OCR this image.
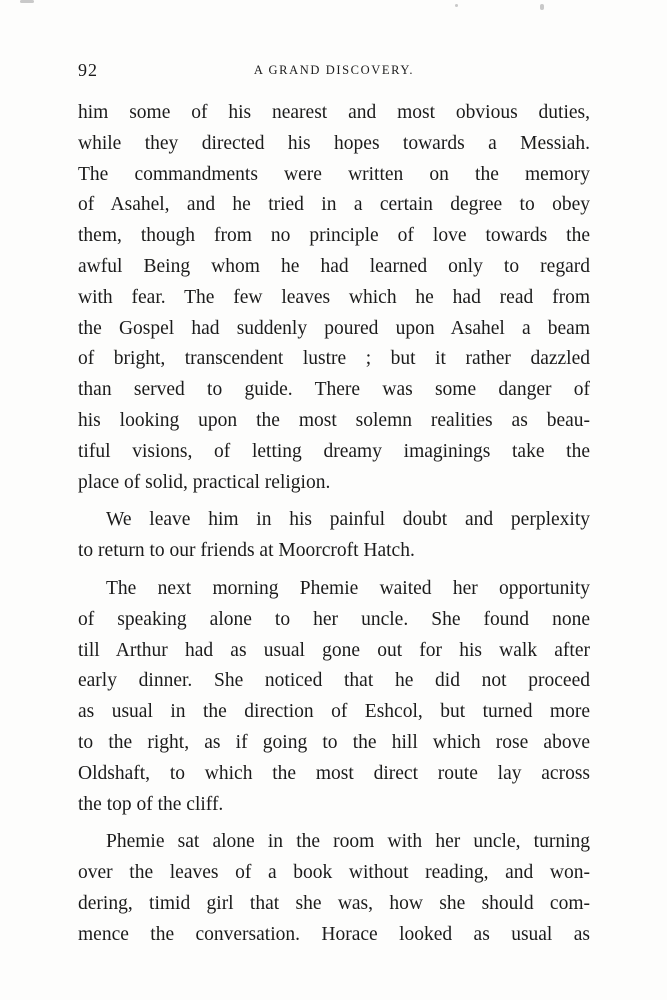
92	A GRAND DISCOVERY.

him some of his nearest and most obvious duties,
while they directed his hopes towards a Messiah.
The commandments were written on the memory
of Asahel, and he tried in a certain degree to obey
them, though from no principle of love towards the
awful Being whom he had learned only to regard
with fear. The few leaves which he had read from
the Gospel had suddenly poured upon Asahel a beam
of bright, transcendent lustre ; but it rather dazzled
than served to guide. There was some danger of
his looking upon the most solemn realities as beau-
tiful visions, of letting dreamy imaginings take the
place of solid, practical religion.

We leave him in his painful doubt and perplexity
to return to our friends at Moorcroft Hatch.

The next morning Phemie waited her opportunity
of speaking alone to her uncle. She found none
till Arthur had as usual gone out for his walk after
early dinner. She noticed that he did not proceed
as usual in the direction of Eshcol, but turned more
to the right, as if going to the hill which rose above
Oldshaft, to which the most direct route lay across
the top of the cliff.

Phemie sat alone in the room with her uncle, turning
over the leaves of a book without reading, and won-
dering, timid girl that she was, how she should com-
mence the conversation. Horace looked as usual as
